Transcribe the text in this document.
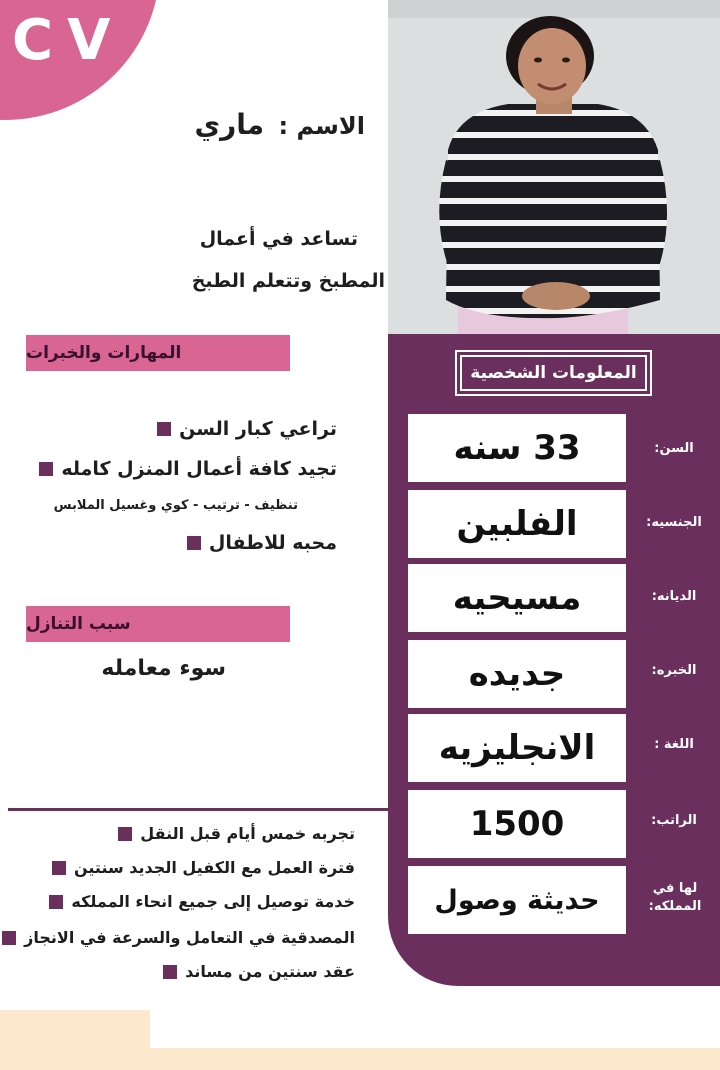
CV
الاسم : ماري
تساعد في أعمال
المطبخ وتتعلم الطبخ
المعلومات الشخصية
33 سنه	السن:
الفلبين	الجنسيه:
مسيحيه	الديانه:
جديده	الخبره:
الانجليزيه	اللغة :
1500	الراتب:
حديثة وصول	لها في المملكه:
المهارات والخبرات
تراعي كبار السن
تجيد كافة أعمال المنزل كامله
تنظيف - ترتيب - كوي وغسيل الملابس
محبه للاطفال
سبب التنازل
سوء معامله
تجربه خمس أيام قبل النقل
فترة العمل مع الكفيل الجديد سنتين
خدمة توصيل إلى جميع انحاء المملكه
المصدقية في التعامل والسرعة في الانجاز
عقد سنتين من مساند
